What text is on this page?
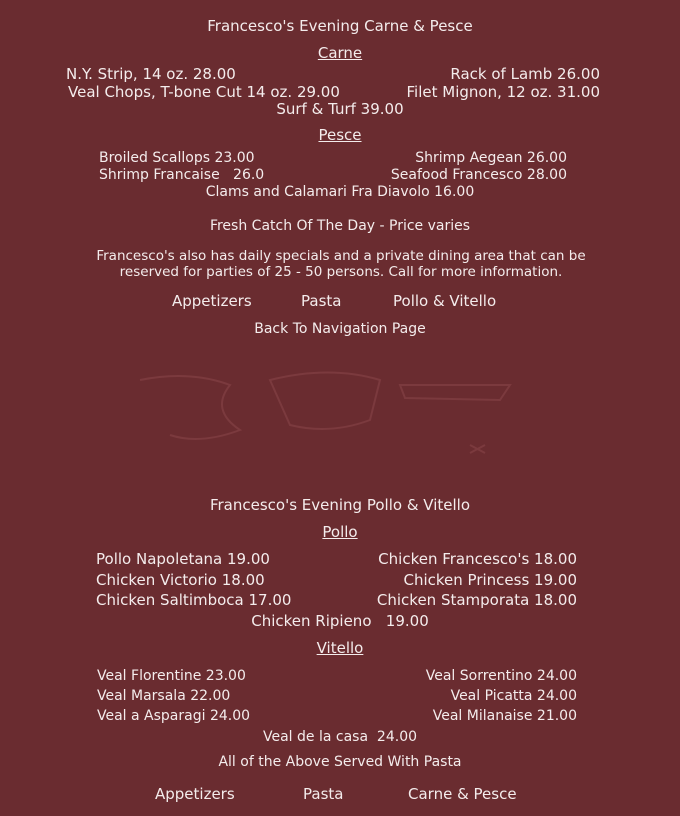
Francesco's Evening Carne & Pesce
Carne
N.Y. Strip, 14 oz. 28.00	Rack of Lamb 26.00
Veal Chops, T-bone Cut 14 oz. 29.00	Filet Mignon, 12 oz. 31.00
Surf & Turf 39.00
Pesce
Broiled Scallops 23.00	Shrimp Aegean 26.00
Shrimp Francaise   26.0	Seafood Francesco 28.00
Clams and Calamari Fra Diavolo 16.00
Fresh Catch Of The Day - Price varies
Francesco's also has daily specials and a private dining area that can be reserved for parties of 25 - 50 persons. Call for more information.
Appetizers	Pasta	Pollo & Vitello
Back To Navigation Page
Francesco's Evening Pollo & Vitello
Pollo
Pollo Napoletana 19.00	Chicken Francesco's 18.00
Chicken Victorio 18.00	Chicken Princess 19.00
Chicken Saltimboca 17.00	Chicken Stamporata 18.00
Chicken Ripieno   19.00
Vitello
Veal Florentine 23.00	Veal Sorrentino 24.00
Veal Marsala 22.00	Veal Picatta 24.00
Veal a Asparagi 24.00	Veal Milanaise 21.00
Veal de la casa  24.00
All of the Above Served With Pasta
Appetizers	Pasta	Carne & Pesce
